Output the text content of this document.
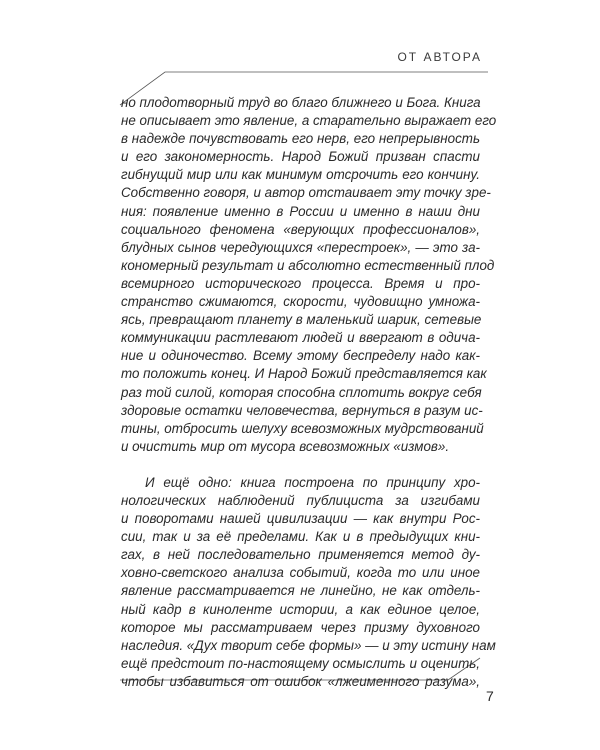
ОТ АВТОРА

но плодотворный труд во благо ближнего и Бога. Книга
не описывает это явление, а старательно выражает его
в надежде почувствовать его нерв, его непрерывность
и его закономерность. Народ Божий призван спасти
гибнущий мир или как минимум отсрочить его кончину.
Собственно говоря, и автор отстаивает эту точку зре-
ния: появление именно в России и именно в наши дни
социального феномена «верующих профессионалов»,
блудных сынов чередующихся «перестроек», — это за-
кономерный результат и абсолютно естественный плод
всемирного исторического процесса. Время и про-
странство сжимаются, скорости, чудовищно умножа-
ясь, превращают планету в маленький шарик, сетевые
коммуникации растлевают людей и ввергают в одича-
ние и одиночество. Всему этому беспределу надо как-
то положить конец. И Народ Божий представляется как
раз той силой, которая способна сплотить вокруг себя
здоровые остатки человечества, вернуться в разум ис-
тины, отбросить шелуху всевозможных мудрствований
и очистить мир от мусора всевозможных «измов».

И ещё одно: книга построена по принципу хро-
нологических наблюдений публициста за изгибами
и поворотами нашей цивилизации — как внутри Рос-
сии, так и за её пределами. Как и в предыдущих кни-
гах, в ней последовательно применяется метод ду-
ховно-светского анализа событий, когда то или иное
явление рассматривается не линейно, не как отдель-
ный кадр в киноленте истории, а как единое целое,
которое мы рассматриваем через призму духовного
наследия. «Дух творит себе формы» — и эту истину нам
ещё предстоит по-настоящему осмыслить и оценить,
чтобы избавиться от ошибок «лжеименного разума»,

7
